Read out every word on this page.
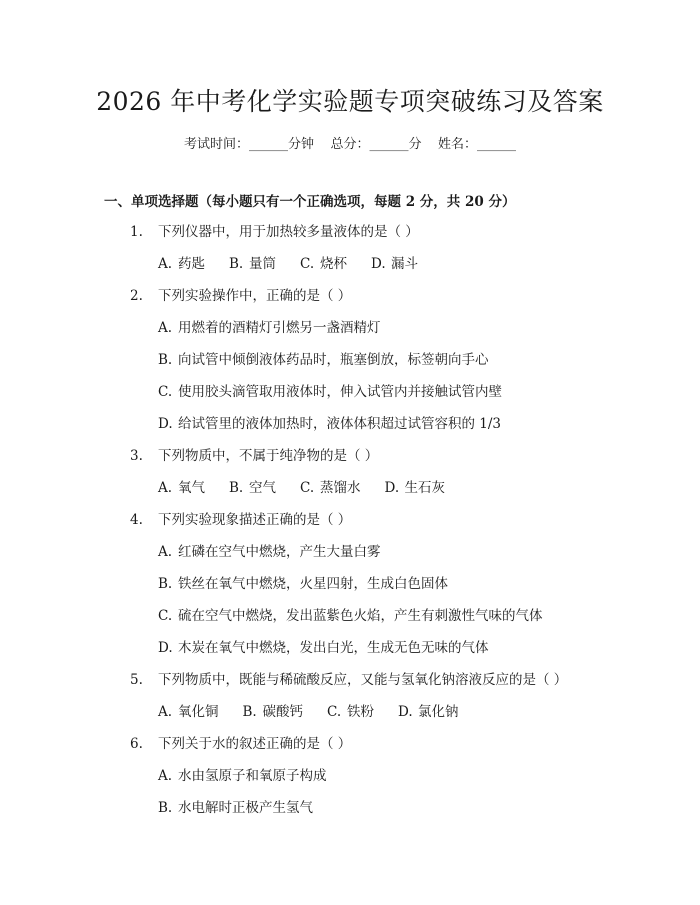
2026 年中考化学实验题专项突破练习及答案
考试时间：______分钟    总分：______分    姓名：______
一、单项选择题（每小题只有一个正确选项，每题 2 分，共 20 分）
1. 下列仪器中，用于加热较多量液体的是（ ）
A. 药匙 B. 量筒 C. 烧杯 D. 漏斗
2. 下列实验操作中，正确的是（ ）
A. 用燃着的酒精灯引燃另一盏酒精灯
B. 向试管中倾倒液体药品时，瓶塞倒放，标签朝向手心
C. 使用胶头滴管取用液体时，伸入试管内并接触试管内壁
D. 给试管里的液体加热时，液体体积超过试管容积的 1/3
3. 下列物质中，不属于纯净物的是（ ）
A. 氧气 B. 空气 C. 蒸馏水 D. 生石灰
4. 下列实验现象描述正确的是（ ）
A. 红磷在空气中燃烧，产生大量白雾
B. 铁丝在氧气中燃烧，火星四射，生成白色固体
C. 硫在空气中燃烧，发出蓝紫色火焰，产生有刺激性气味的气体
D. 木炭在氧气中燃烧，发出白光，生成无色无味的气体
5. 下列物质中，既能与稀硫酸反应，又能与氢氧化钠溶液反应的是（ ）
A. 氧化铜 B. 碳酸钙 C. 铁粉 D. 氯化钠
6. 下列关于水的叙述正确的是（ ）
A. 水由氢原子和氧原子构成
B. 水电解时正极产生氢气
